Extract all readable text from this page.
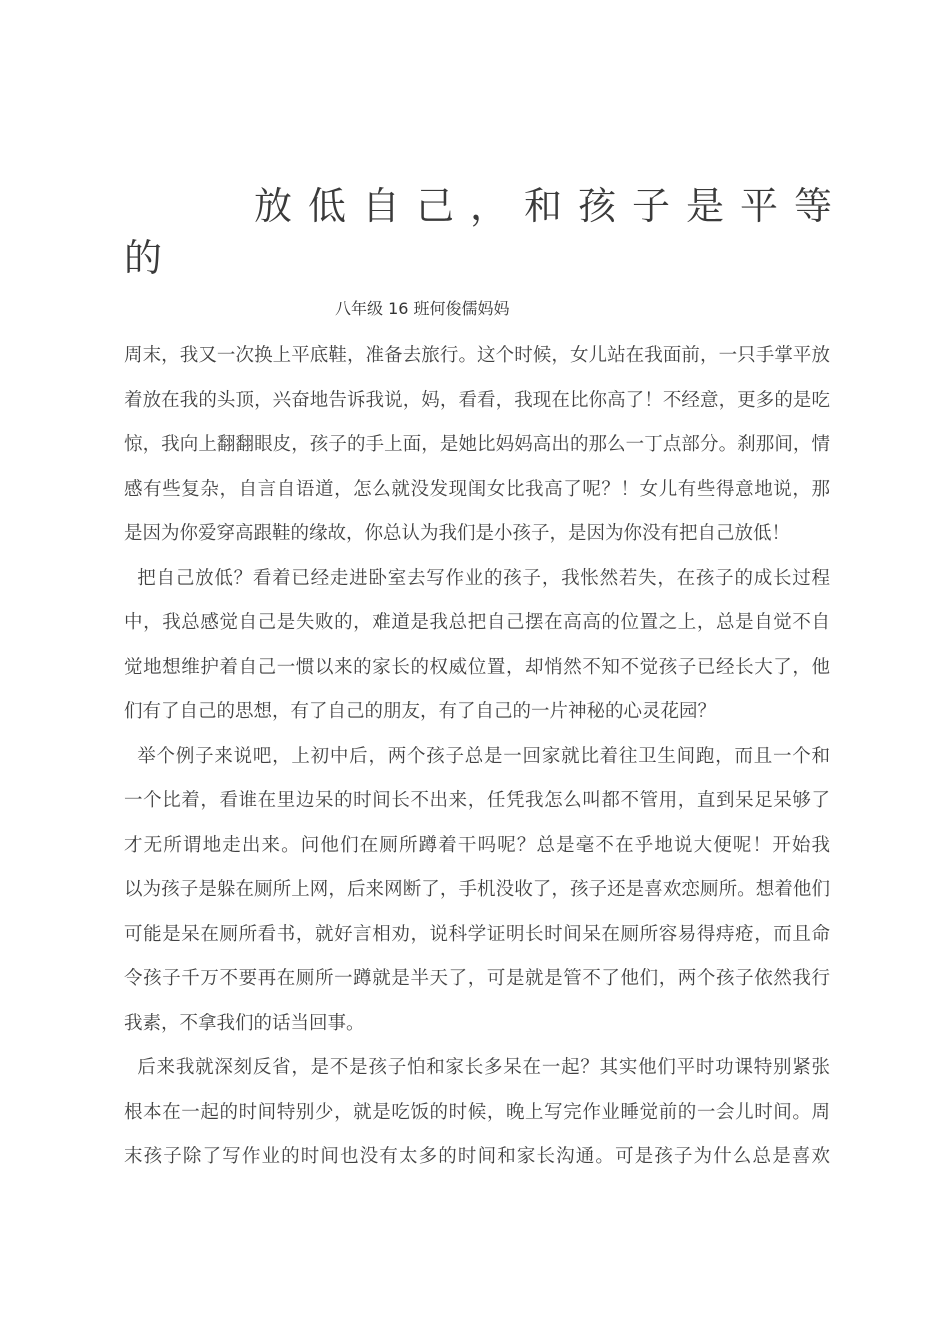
放低自己，和孩子是平等
的
八年级 16 班何俊儒妈妈
周末，我又一次换上平底鞋，准备去旅行。这个时候，女儿站在我面前，一只手掌平放
着放在我的头顶，兴奋地告诉我说，妈，看看，我现在比你高了！不经意，更多的是吃
惊，我向上翻翻眼皮，孩子的手上面，是她比妈妈高出的那么一丁点部分。刹那间，情
感有些复杂，自言自语道，怎么就没发现闺女比我高了呢？！女儿有些得意地说，那
是因为你爱穿高跟鞋的缘故，你总认为我们是小孩子，是因为你没有把自己放低！
把自己放低？看着已经走进卧室去写作业的孩子，我怅然若失，在孩子的成长过程
中，我总感觉自己是失败的，难道是我总把自己摆在高高的位置之上，总是自觉不自
觉地想维护着自己一惯以来的家长的权威位置，却悄然不知不觉孩子已经长大了，他
们有了自己的思想，有了自己的朋友，有了自己的一片神秘的心灵花园？
举个例子来说吧，上初中后，两个孩子总是一回家就比着往卫生间跑，而且一个和
一个比着，看谁在里边呆的时间长不出来，任凭我怎么叫都不管用，直到呆足呆够了
才无所谓地走出来。问他们在厕所蹲着干吗呢？总是毫不在乎地说大便呢！开始我
以为孩子是躲在厕所上网，后来网断了，手机没收了，孩子还是喜欢恋厕所。想着他们
可能是呆在厕所看书，就好言相劝，说科学证明长时间呆在厕所容易得痔疮，而且命
令孩子千万不要再在厕所一蹲就是半天了，可是就是管不了他们，两个孩子依然我行
我素，不拿我们的话当回事。
后来我就深刻反省，是不是孩子怕和家长多呆在一起？其实他们平时功课特别紧张
根本在一起的时间特别少，就是吃饭的时候，晚上写完作业睡觉前的一会儿时间。周
末孩子除了写作业的时间也没有太多的时间和家长沟通。可是孩子为什么总是喜欢
